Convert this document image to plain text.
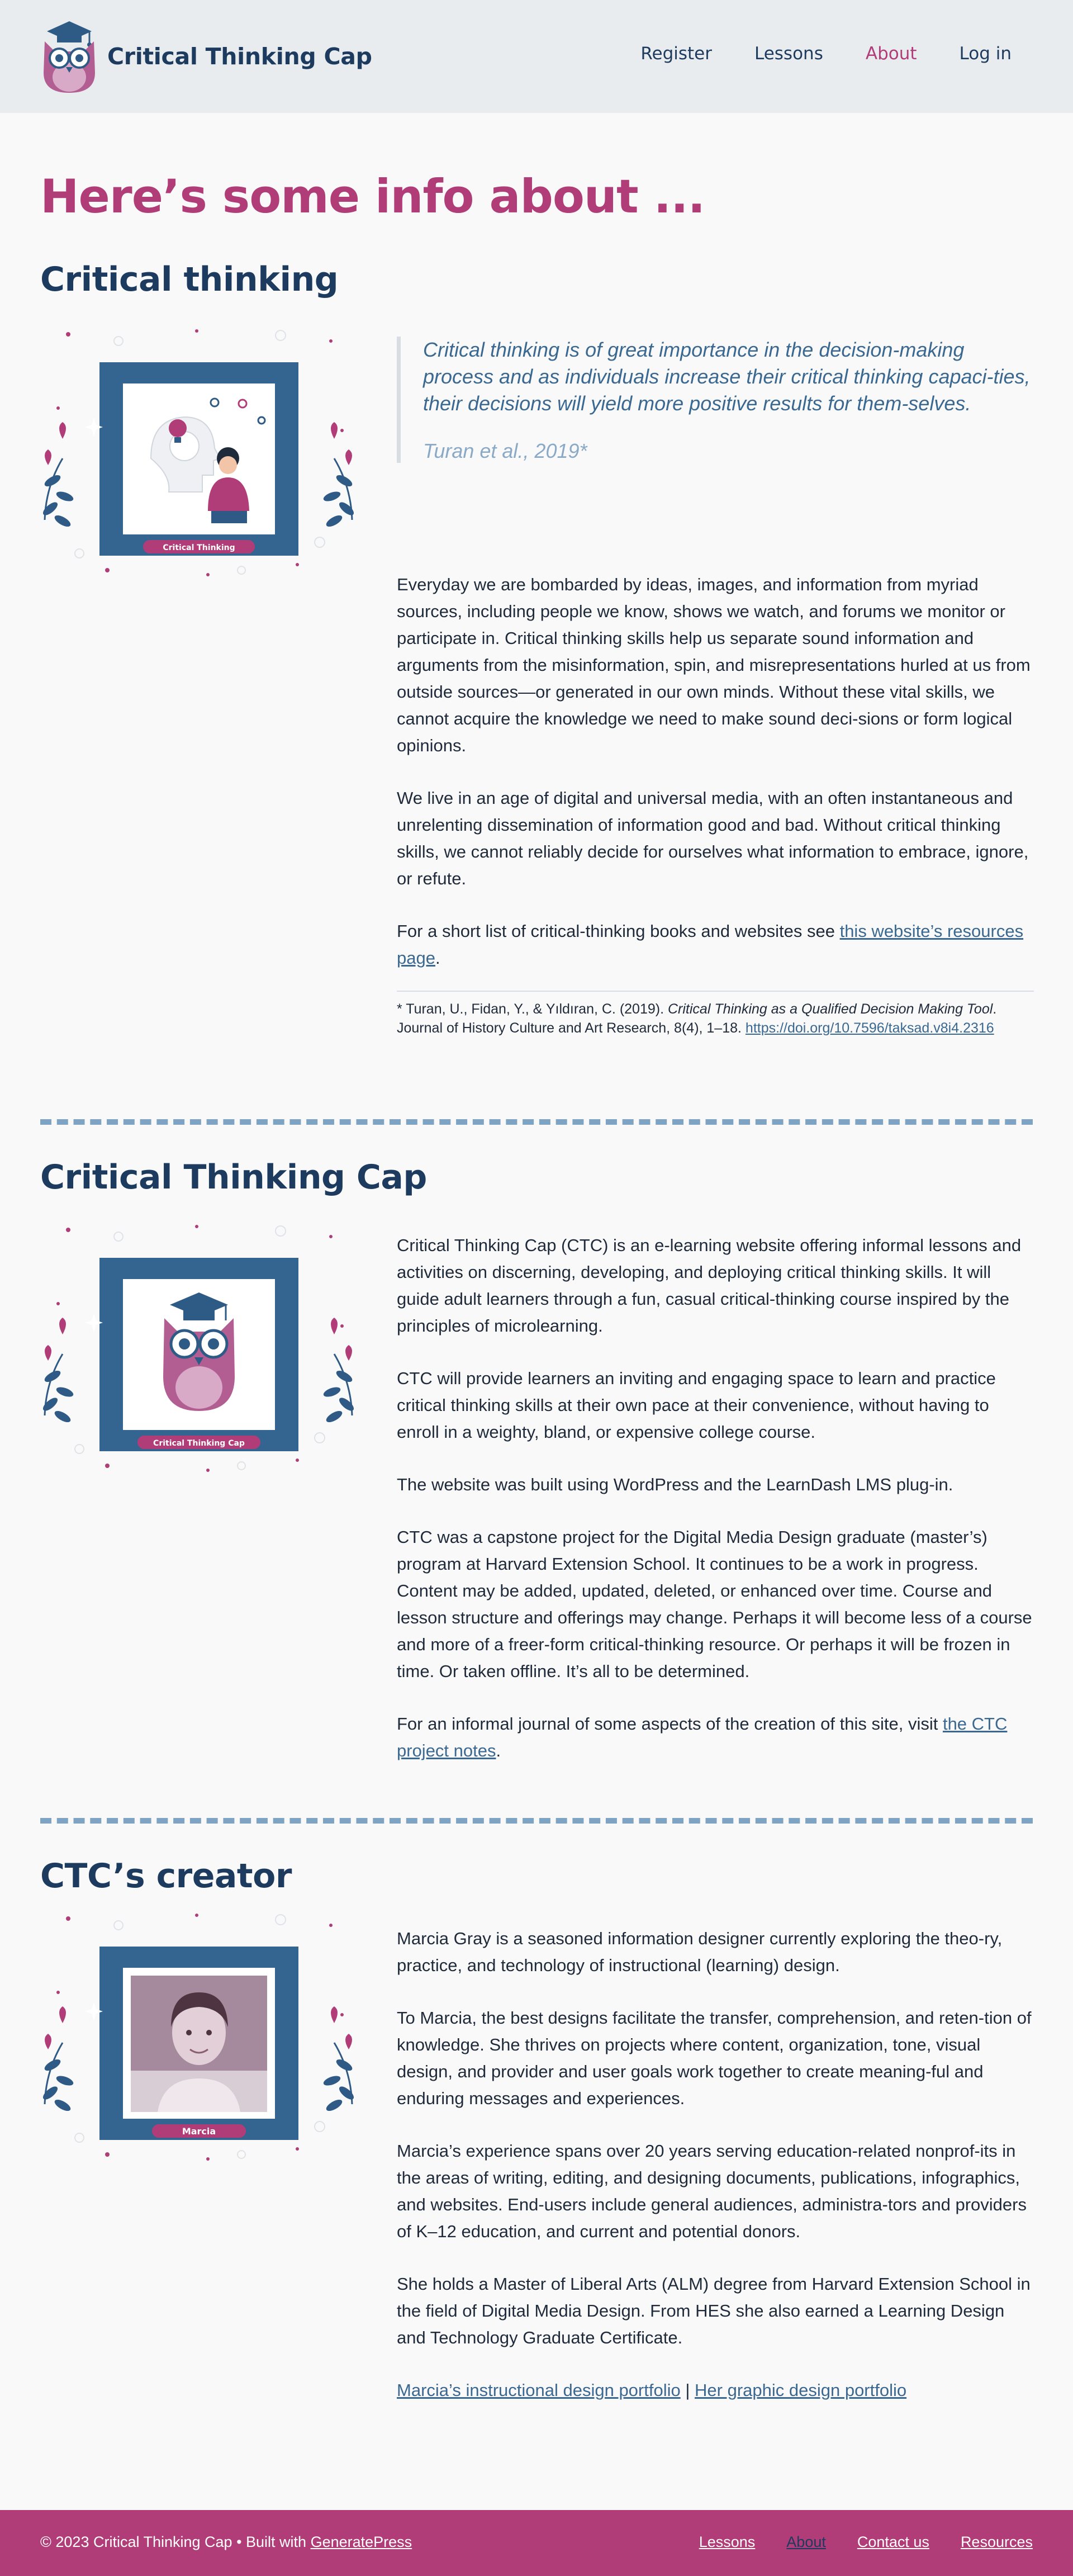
Critical Thinking Cap	Register Lessons About Log in
Here’s some info about ...
Critical thinking
Critical Thinking
Critical thinking is of great importance in the decision-making process and as individuals increase their critical thinking capaci-ties, their decisions will yield more positive results for them-selves.
Turan et al., 2019*

Everyday we are bombarded by ideas, images, and information from myriad sources, including people we know, shows we watch, and forums we monitor or participate in. Critical thinking skills help us separate sound information and arguments from the misinformation, spin, and misrepresentations hurled at us from outside sources—or generated in our own minds. Without these vital skills, we cannot acquire the knowledge we need to make sound deci-sions or form logical opinions.

We live in an age of digital and universal media, with an often instantaneous and unrelenting dissemination of information good and bad. Without critical thinking skills, we cannot reliably decide for ourselves what information to embrace, ignore, or refute.

For a short list of critical-thinking books and websites see this website’s resources page.

* Turan, U., Fidan, Y., & Yıldıran, C. (2019). Critical Thinking as a Qualified Decision Making Tool. Journal of History Culture and Art Research, 8(4), 1–18. https://doi.org/10.7596/taksad.v8i4.2316
Critical Thinking Cap
Critical Thinking Cap

Critical Thinking Cap (CTC) is an e-learning website offering informal lessons and activities on discerning, developing, and deploying critical thinking skills. It will guide adult learners through a fun, casual critical-thinking course inspired by the principles of microlearning.

CTC will provide learners an inviting and engaging space to learn and practice critical thinking skills at their own pace at their convenience, without having to enroll in a weighty, bland, or expensive college course.

The website was built using WordPress and the LearnDash LMS plug-in.

CTC was a capstone project for the Digital Media Design graduate (master’s) program at Harvard Extension School. It continues to be a work in progress. Content may be added, updated, deleted, or enhanced over time. Course and lesson structure and offerings may change. Perhaps it will become less of a course and more of a freer-form critical-thinking resource. Or perhaps it will be frozen in time. Or taken offline. It’s all to be determined.

For an informal journal of some aspects of the creation of this site, visit the CTC project notes.

CTC’s creator
Marcia

Marcia Gray is a seasoned information designer currently exploring the theo-ry, practice, and technology of instructional (learning) design.

To Marcia, the best designs facilitate the transfer, comprehension, and reten-tion of knowledge. She thrives on projects where content, organization, tone, visual design, and provider and user goals work together to create meaning-ful and enduring messages and experiences.

Marcia’s experience spans over 20 years serving education-related nonprof-its in the areas of writing, editing, and designing documents, publications, infographics, and websites. End-users include general audiences, administra-tors and providers of K–12 education, and current and potential donors.

She holds a Master of Liberal Arts (ALM) degree from Harvard Extension School in the field of Digital Media Design. From HES she also earned a Learning Design and Technology Graduate Certificate.

Marcia’s instructional design portfolio | Her graphic design portfolio

© 2023 Critical Thinking Cap • Built with GeneratePress	Lessons About Contact us Resources
